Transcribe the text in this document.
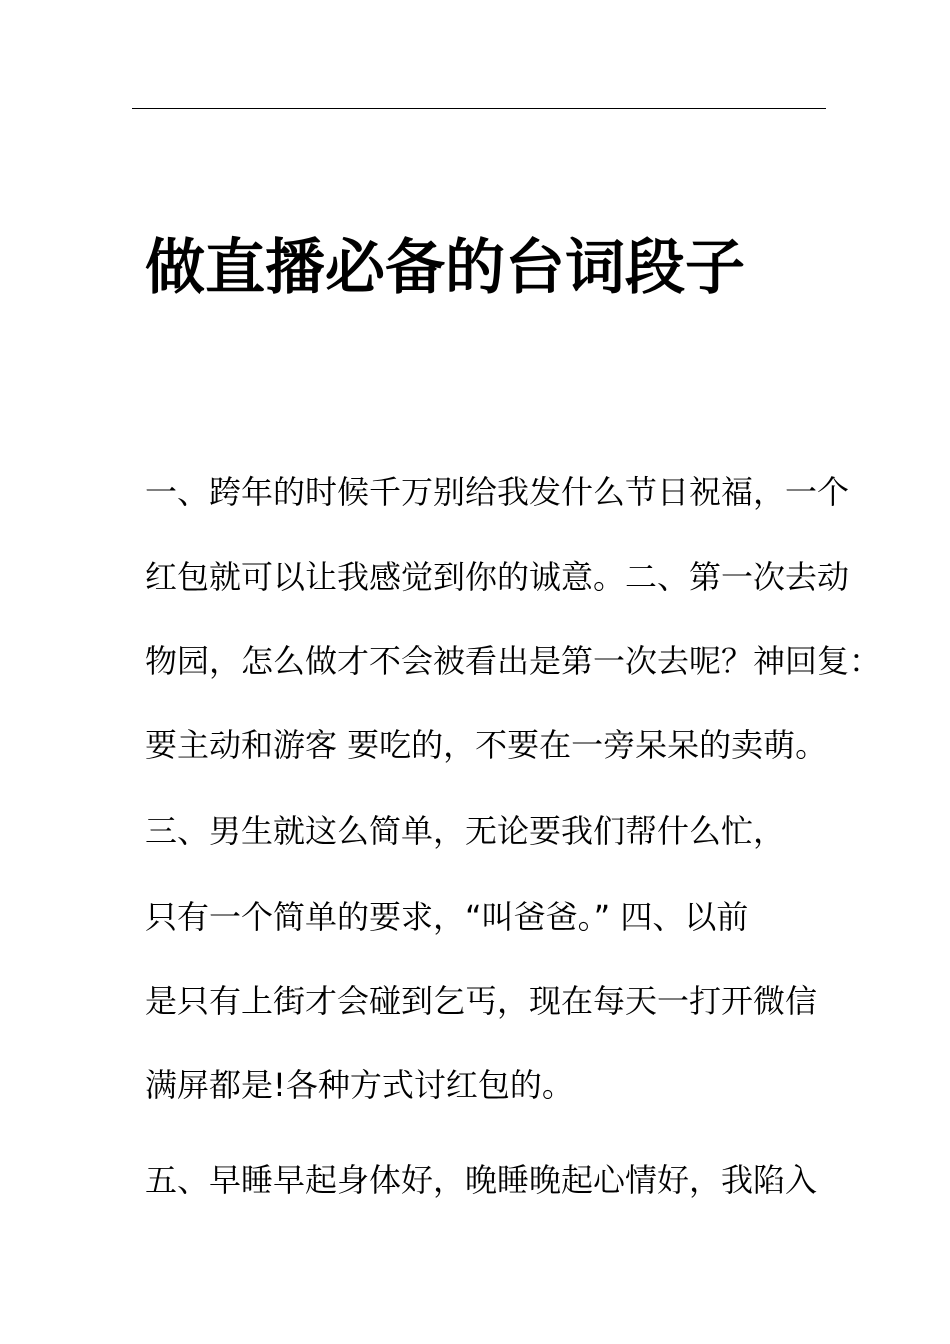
做直播必备的台词段子

一、跨年的时候千万别给我发什么节日祝福，一个

红包就可以让我感觉到你的诚意。二、第一次去动

物园，怎么做才不会被看出是第一次去呢？神回复：

要主动和游客 要吃的，不要在一旁呆呆的卖萌。

三、男生就这么简单，无论要我们帮什么忙，

只有一个简单的要求，“叫爸爸。” 四、以前

是只有上街才会碰到乞丐，现在每天一打开微信

满屏都是!各种方式讨红包的。

五、早睡早起身体好，晚睡晚起心情好，我陷入
